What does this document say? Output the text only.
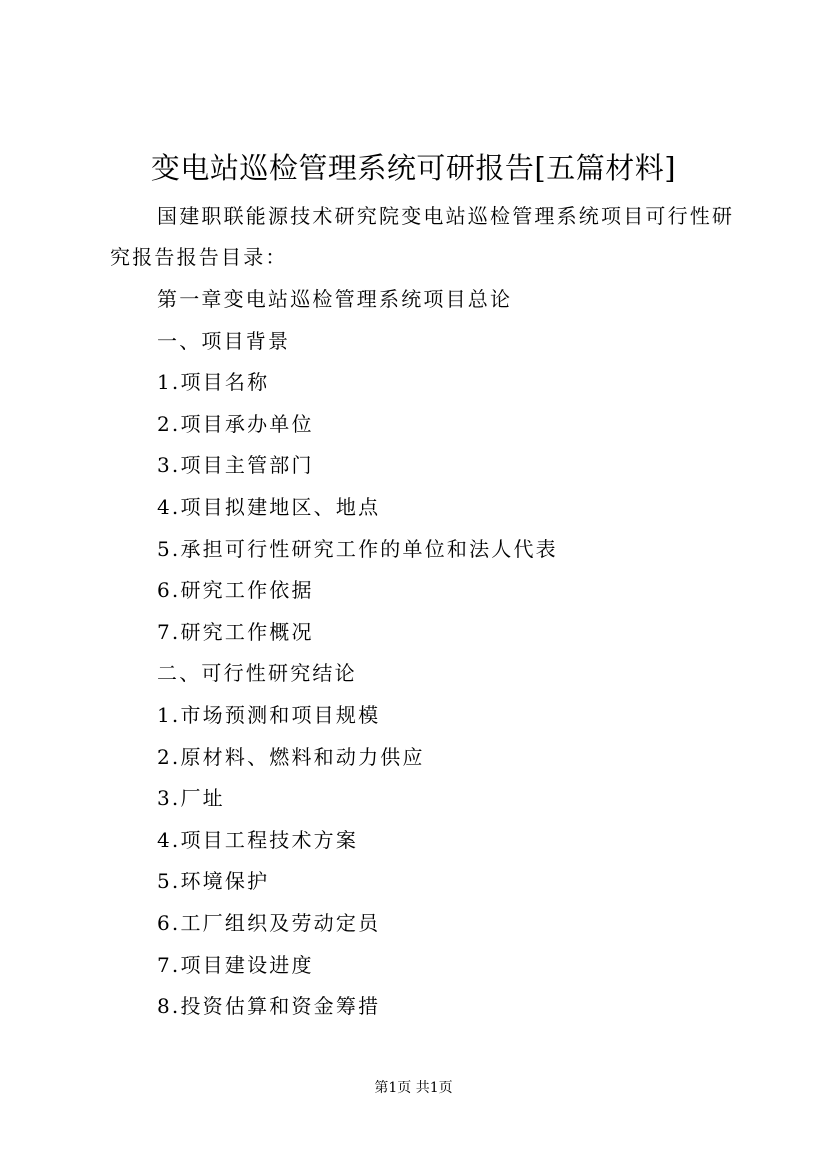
变电站巡检管理系统可研报告[五篇材料]
国建职联能源技术研究院变电站巡检管理系统项目可行性研究报告报告目录：
第一章变电站巡检管理系统项目总论
一、项目背景
1.项目名称
2.项目承办单位
3.项目主管部门
4.项目拟建地区、地点
5.承担可行性研究工作的单位和法人代表
6.研究工作依据
7.研究工作概况
二、可行性研究结论
1.市场预测和项目规模
2.原材料、燃料和动力供应
3.厂址
4.项目工程技术方案
5.环境保护
6.工厂组织及劳动定员
7.项目建设进度
8.投资估算和资金筹措
第1页 共1页
